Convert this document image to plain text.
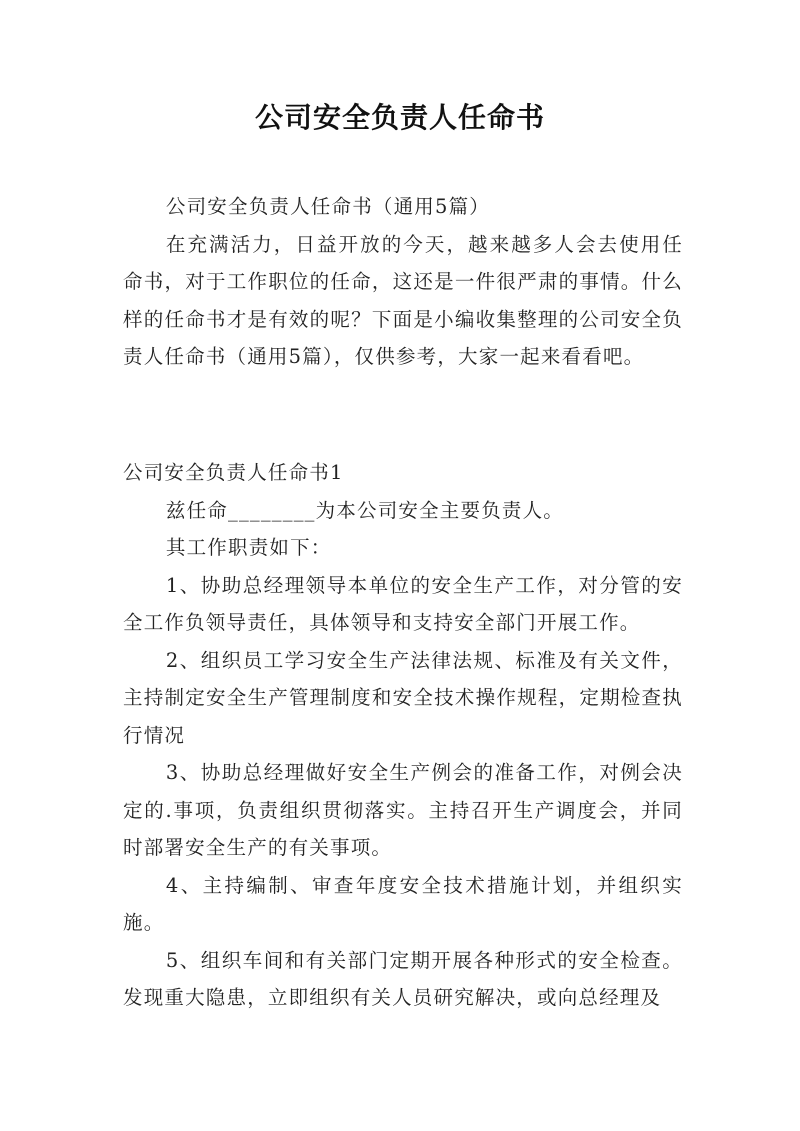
公司安全负责人任命书

公司安全负责人任命书（通用5篇）

在充满活力，日益开放的今天，越来越多人会去使用任命书，对于工作职位的任命，这还是一件很严肃的事情。什么样的任命书才是有效的呢？下面是小编收集整理的公司安全负责人任命书（通用5篇），仅供参考，大家一起来看看吧。

公司安全负责人任命书1

兹任命________为本公司安全主要负责人。

其工作职责如下：

1、协助总经理领导本单位的安全生产工作，对分管的安全工作负领导责任，具体领导和支持安全部门开展工作。

2、组织员工学习安全生产法律法规、标准及有关文件，主持制定安全生产管理制度和安全技术操作规程，定期检查执行情况

3、协助总经理做好安全生产例会的准备工作，对例会决定的.事项，负责组织贯彻落实。主持召开生产调度会，并同时部署安全生产的有关事项。

4、主持编制、审查年度安全技术措施计划，并组织实施。

5、组织车间和有关部门定期开展各种形式的安全检查。发现重大隐患，立即组织有关人员研究解决，或向总经理及
